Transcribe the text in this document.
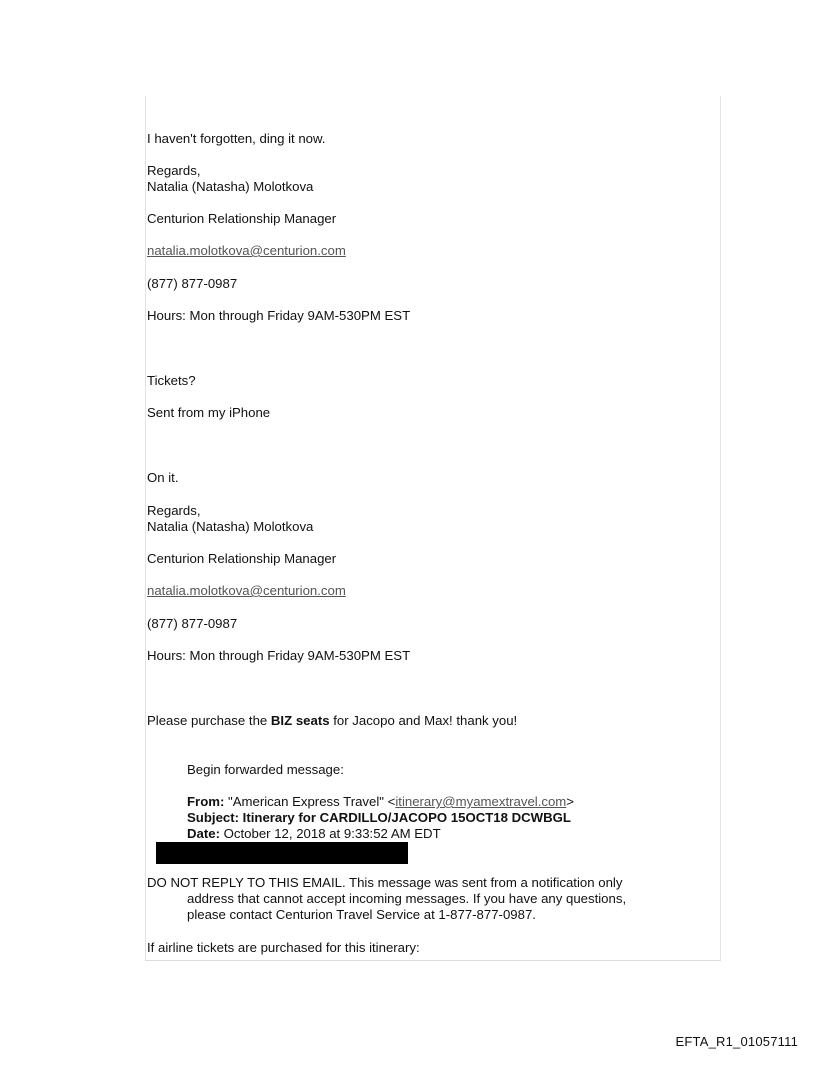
I haven't forgotten, ding it now.
Regards,
Natalia (Natasha) Molotkova
Centurion Relationship Manager
natalia.molotkova@centurion.com
(877) 877-0987
Hours: Mon through Friday 9AM-530PM EST
Tickets?
Sent from my iPhone
On it.
Regards,
Natalia (Natasha) Molotkova
Centurion Relationship Manager
natalia.molotkova@centurion.com
(877) 877-0987
Hours: Mon through Friday 9AM-530PM EST
Please purchase the BIZ seats for Jacopo and Max! thank you!
Begin forwarded message:
From: "American Express Travel" <itinerary@myamextravel.com>
Subject: Itinerary for CARDILLO/JACOPO 15OCT18 DCWBGL
Date: October 12, 2018 at 9:33:52 AM EDT
DO NOT REPLY TO THIS EMAIL. This message was sent from a notification only
address that cannot accept incoming messages. If you have any questions,
please contact Centurion Travel Service at 1-877-877-0987.
If airline tickets are purchased for this itinerary:
EFTA_R1_01057111
